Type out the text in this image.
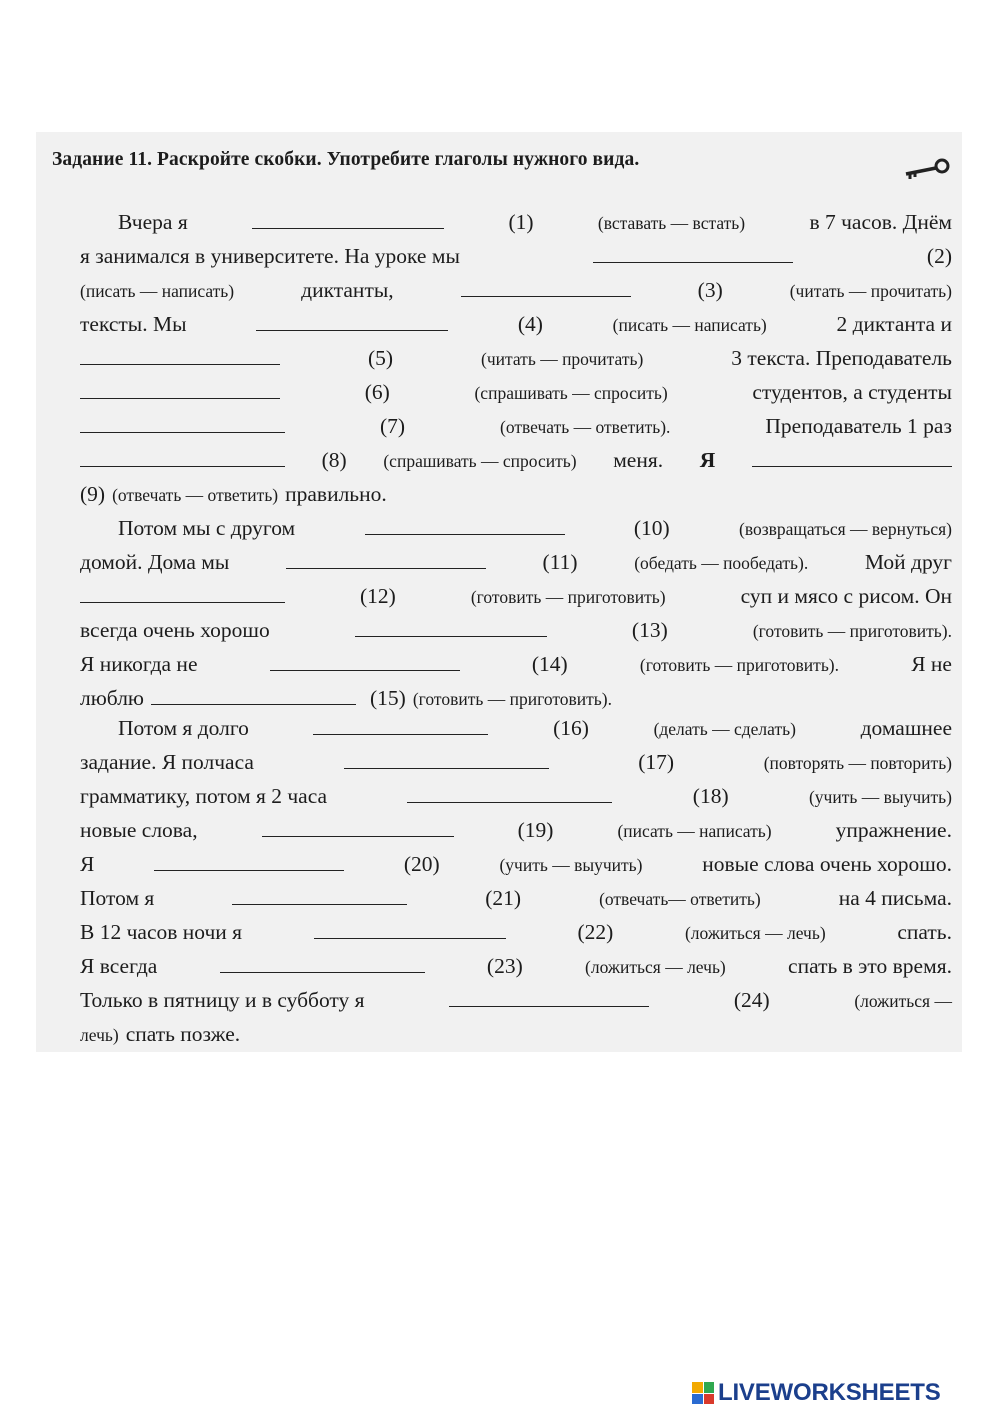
Задание 11. Раскройте скобки. Употребите глаголы нужного вида.
Вчера я	(1)	(вставать — встать)	в 7 часов. Днём
я занимался в университете. На уроке мы	(2)
(писать — написать)	диктанты,	(3)	(читать — прочитать)
тексты. Мы	(4)	(писать — написать)	2 диктанта и
(5)	(читать — прочитать)	3 текста. Преподаватель
(6)	(спрашивать — спросить)	студентов, а студенты
(7)	(отвечать — ответить).	Преподаватель 1 раз
(8) (спрашивать — спросить) меня. Я
(9) (отвечать — ответить) правильно.
Потом мы с другом	(10)	(возвращаться — вернуться)
домой. Дома мы	(11)	(обедать — пообедать).	Мой друг
(12)	(готовить — приготовить)	суп и мясо с рисом. Он
всегда очень хорошо	(13)	(готовить — приготовить).
Я никогда не	(14)	(готовить — приготовить).	Я не
люблю	(15) (готовить — приготовить).
Потом я долго	(16)	(делать — сделать)	домашнее
задание. Я полчаса	(17)	(повторять — повторить)
грамматику, потом я 2 часа	(18)	(учить — выучить)
новые слова,	(19)	(писать — написать)	упражнение.
Я	(20)	(учить — выучить)	новые слова очень хорошо.
Потом я	(21)	(отвечать— ответить)	на 4 письма.
В 12 часов ночи я	(22)	(ложиться — лечь)	спать.
Я всегда	(23)	(ложиться — лечь)	спать в это время.
Только в пятницу и в субботу я	(24)	(ложиться —
лечь) спать позже.
LIVEWORKSHEETS
